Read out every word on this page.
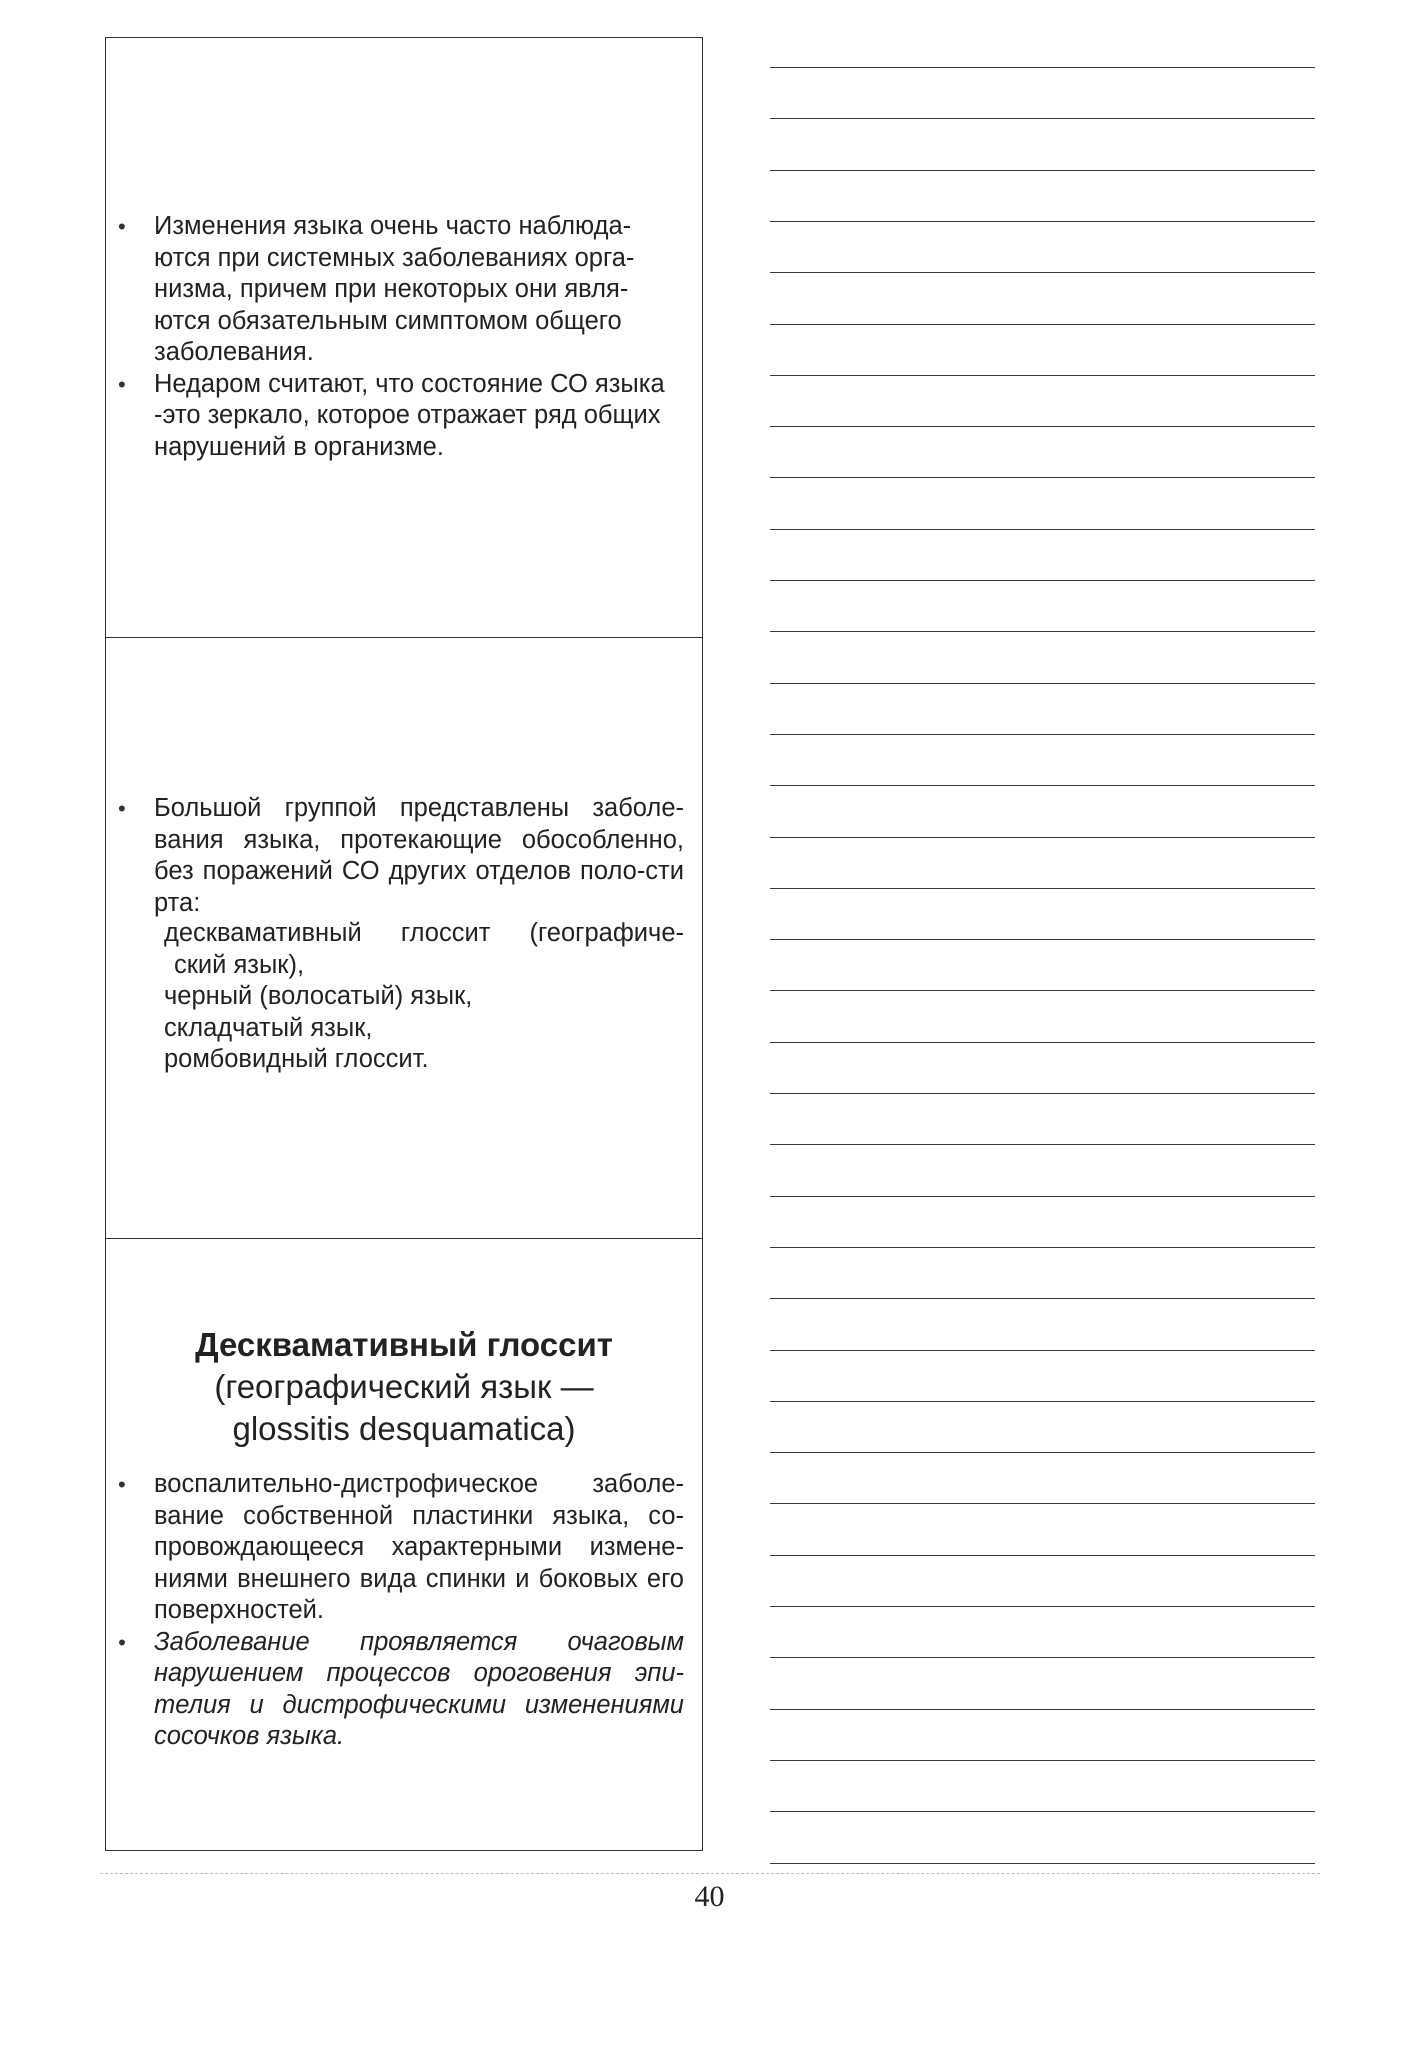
• Изменения языка очень часто наблюда-ются при системных заболеваниях орга-низма, причем при некоторых они явля-ются обязательным симптомом общего заболевания.
• Недаром считают, что состояние СО языка -это зеркало, которое отражает ряд общих нарушений в организме.
• Большой группой представлены заболе-вания языка, протекающие обособленно, без поражений СО других отделов поло-сти рта:
десквамативный глоссит (географиче-
ский язык),
черный (волосатый) язык,
складчатый язык,
ромбовидный глоссит.
Десквамативный глоссит
(географический язык —
glossitis desquamatica)
• воспалительно-дистрофическое заболе-вание собственной пластинки языка, со-провождающееся характерными измене-ниями внешнего вида спинки и боковых его поверхностей.
• Заболевание проявляется очаговым нарушением процессов ороговения эпи-телия и дистрофическими изменениями сосочков языка.
40
